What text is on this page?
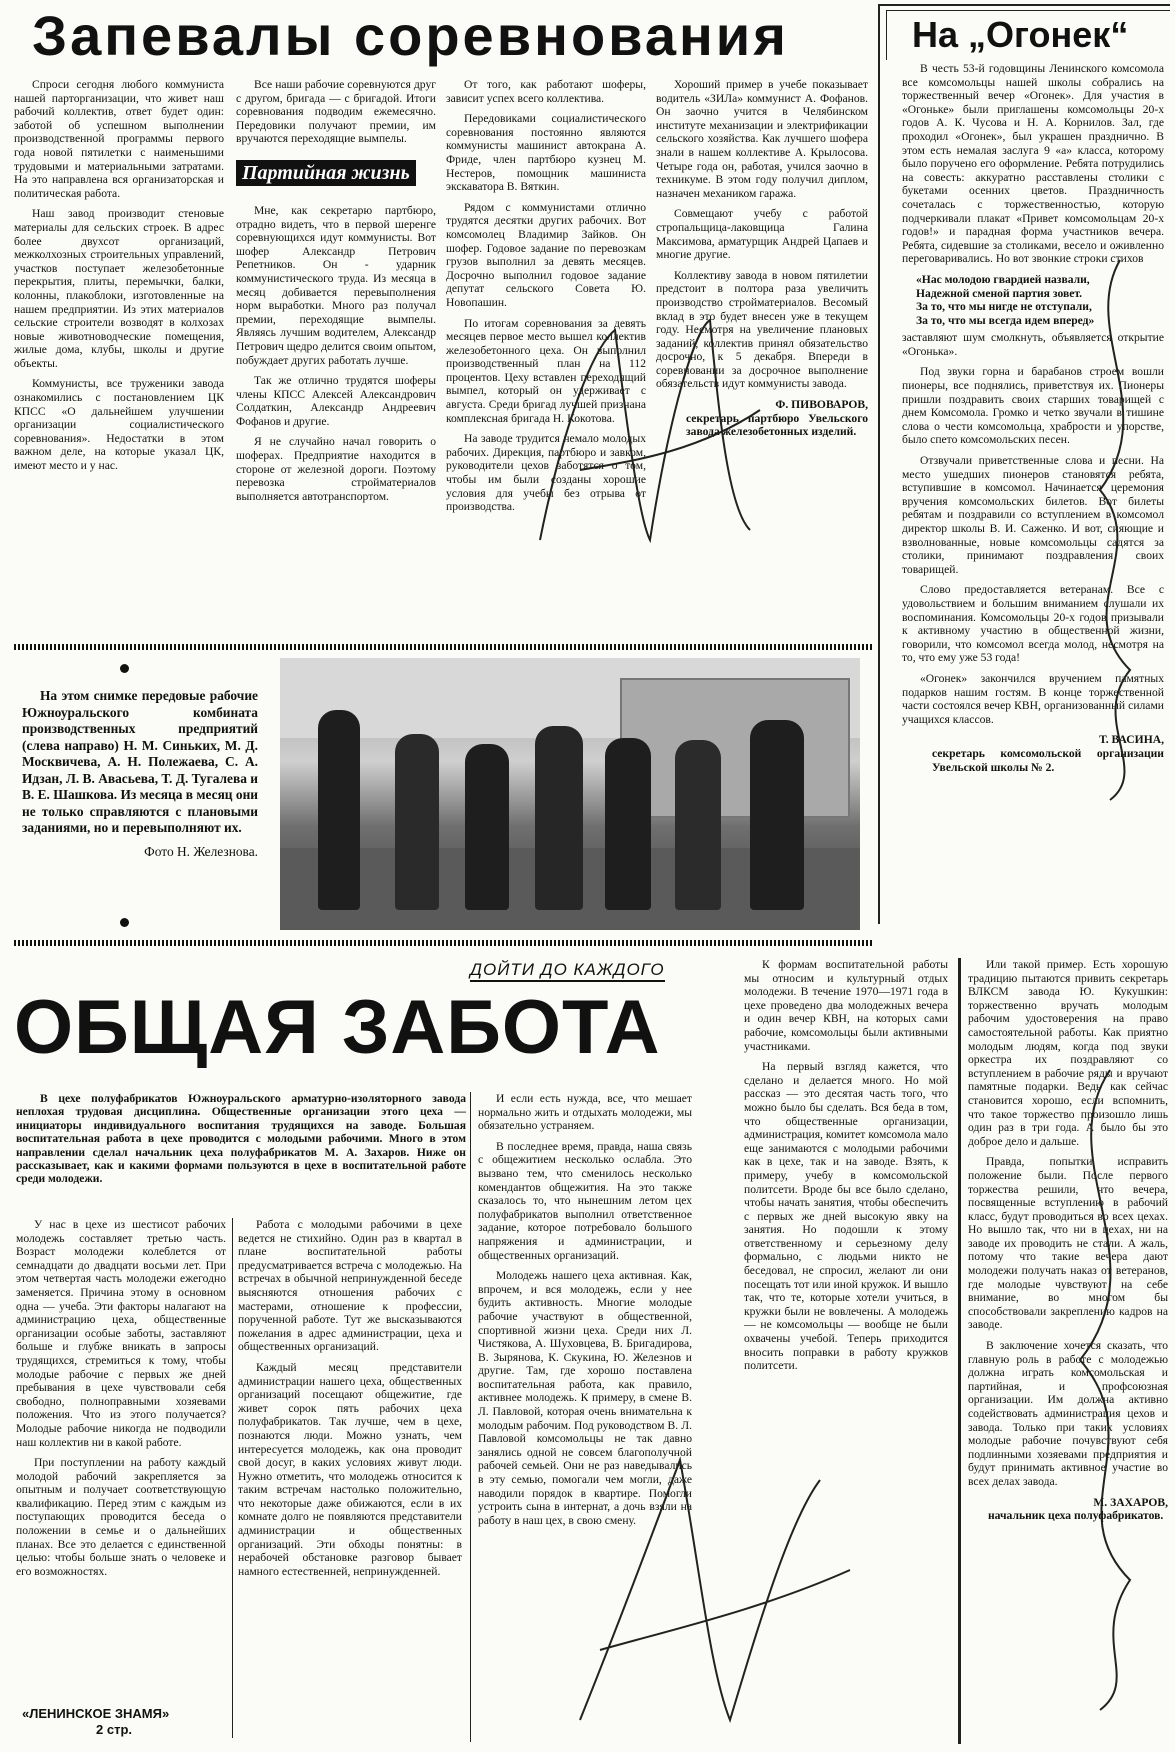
Запевалы соревнования

Спроси сегодня любого коммуниста нашей парторганизации, что живет наш рабочий коллектив, ответ будет один: заботой об успешном выполнении производственной программы первого года новой пятилетки с наименьшими трудовыми и материальными затратами. На это направлена вся организаторская и политическая работа.

Наш завод производит стеновые материалы для сельских строек. В адрес более двухсот организаций, межколхозных строительных управлений, участков поступает железобетонные перекрытия, плиты, перемычки, балки, колонны, плакоблоки, изготовленные на нашем предприятии. Из этих материалов сельские строители возводят в колхозах новые животноводческие помещения, жилые дома, клубы, школы и другие объекты.

Коммунисты, все труженики завода ознакомились с постановлением ЦК КПСС «О дальнейшем улучшении организации социалистического соревнования». Недостатки в этом важном деле, на которые указал ЦК, имеют место и у нас.

Все наши рабочие соревнуются друг с другом, бригада — с бригадой. Итоги соревнования подводим ежемесячно. Передовики получают премии, им вручаются переходящие вымпелы.

Партийная жизнь

Мне, как секретарю партбюро, отрадно видеть, что в первой шеренге соревнующихся идут коммунисты. Вот шофер Александр Петрович Репетников. Он - ударник коммунистического труда. Из месяца в месяц добивается перевыполнения норм выработки. Много раз получал премии, переходящие вымпелы. Являясь лучшим водителем, Александр Петрович щедро делится своим опытом, побуждает других работать лучше.

Так же отлично трудятся шоферы члены КПСС Алексей Александрович Солдаткин, Александр Андреевич Фофанов и другие.

Я не случайно начал говорить о шоферах. Предприятие находится в стороне от железной дороги. Поэтому перевозка стройматериалов выполняется автотранспортом.

От того, как работают шоферы, зависит успех всего коллектива.

Передовиками социалистического соревнования постоянно являются коммунисты машинист автокрана А. Фриде, член партбюро кузнец М. Нестеров, помощник машиниста экскаватора В. Вяткин.

Рядом с коммунистами отлично трудятся десятки других рабочих. Вот комсомолец Владимир Зайков. Он шофер. Годовое задание по перевозкам грузов выполнил за девять месяцев. Досрочно выполнил годовое задание депутат сельского Совета Ю. Новопашин.

По итогам соревнования за девять месяцев первое место вышел коллектив железобетонного цеха. Он выполнил производственный план на 112 процентов. Цеху вставлен переходящий вымпел, который он удерживает с августа. Среди бригад лучшей признана комплексная бригада Н. Кокотова.

На заводе трудится немало молодых рабочих. Дирекция, партбюро и завком, руководители цехов заботятся о том, чтобы им были созданы хорошие условия для учебы без отрыва от производства.

Хороший пример в учебе показывает водитель «ЗИЛа» коммунист А. Фофанов. Он заочно учится в Челябинском институте механизации и электрификации сельского хозяйства. Как лучшего шофера знали в нашем коллективе А. Крылосова. Четыре года он, работая, учился заочно в техникуме. В этом году получил диплом, назначен механиком гаража.

Совмещают учебу с работой стропальщица-лаковщица Галина Максимова, арматурщик Андрей Цапаев и многие другие.

Коллективу завода в новом пятилетии предстоит в полтора раза увеличить производство стройматериалов. Весомый вклад в это будет внесен уже в текущем году. Несмотря на увеличение плановых заданий, коллектив принял обязательство досрочно, к 5 декабря. Впереди в соревновании за досрочное выполнение обязательств идут коммунисты завода.

Ф. ПИВОВАРОВ,
секретарь партбюро Увельского завода железобетонных изделий.
На „Огонек“

В честь 53-й годовщины Ленинского комсомола все комсомольцы нашей школы собрались на торжественный вечер «Огонек». Для участия в «Огоньке» были приглашены комсомольцы 20-х годов А. К. Чусова и Н. А. Корнилов. Зал, где проходил «Огонек», был украшен празднично. В этом есть немалая заслуга 9 «а» класса, которому было поручено его оформление. Ребята потрудились на совесть: аккуратно расставлены столики с букетами осенних цветов. Праздничность сочеталась с торжественностью, которую подчеркивали плакат «Привет комсомольцам 20-х годов!» и парадная форма участников вечера. Ребята, сидевшие за столиками, весело и оживленно переговаривались. Но вот звонкие строки стихов

«Нас молодою гвардией назвали,
Надежной сменой партия зовет.
За то, что мы нигде не отступали,
За то, что мы всегда идем вперед»

заставляют шум смолкнуть, объявляется открытие «Огонька».

Под звуки горна и барабанов строем вошли пионеры, все поднялись, приветствуя их. Пионеры пришли поздравить своих старших товарищей с днем Комсомола. Громко и четко звучали в тишине слова о чести комсомольца, храбрости и упорстве, было спето комсомольских песен.

Отзвучали приветственные слова и песни. На место ушедших пионеров становятся ребята, вступившие в комсомол. Начинается церемония вручения комсомольских билетов. Вот билеты ребятам и поздравили со вступлением в комсомол директор школы В. И. Саженко. И вот, сияющие и взволнованные, новые комсомольцы садятся за столики, принимают поздравления своих товарищей.

Слово предоставляется ветеранам. Все с удовольствием и большим вниманием слушали их воспоминания. Комсомольцы 20-х годов призывали к активному участию в общественной жизни, говорили, что комсомол всегда молод, несмотря на то, что ему уже 53 года!

«Огонек» закончился вручением памятных подарков нашим гостям. В конце торжественной части состоялся вечер КВН, организованный силами учащихся классов.

Т. ВАСИНА,
секретарь комсомольской организации Увельской школы № 2.

На этом снимке передовые рабочие Южноуральского комбината производственных предприятий (слева направо) Н. М. Синьких, М. Д. Москвичева, А. Н. Полежаева, С. А. Идзан, Л. В. Авасьева, Т. Д. Тугалева и В. Е. Шашкова. Из месяца в месяц они не только справляются с плановыми заданиями, но и перевыполняют их.

Фото Н. Железнова.
ДОЙТИ ДО КАЖДОГО
ОБЩАЯ ЗАБОТА
В цехе полуфабрикатов Южноуральского арматурно-изоляторного завода неплохая трудовая дисциплина. Общественные организации этого цеха — инициаторы индивидуального воспитания трудящихся на заводе. Большая воспитательная работа в цехе проводится с молодыми рабочими. Много в этом направлении сделал начальник цеха полуфабрикатов М. А. Захаров. Ниже он рассказывает, как и какими формами пользуются в цехе в воспитательной работе среди молодежи.

У нас в цехе из шестисот рабочих молодежь составляет третью часть. Возраст молодежи колеблется от семнадцати до двадцати восьми лет. При этом четвертая часть молодежи ежегодно заменяется. Причина этому в основном одна — учеба. Эти факторы налагают на администрацию цеха, общественные организации особые заботы, заставляют больше и глубже вникать в запросы трудящихся, стремиться к тому, чтобы молодые рабочие с первых же дней пребывания в цехе чувствовали себя свободно, полноправными хозяевами положения. Что из этого получается? Молодые рабочие никогда не подводили наш коллектив ни в какой работе.

При поступлении на работу каждый молодой рабочий закрепляется за опытным и получает соответствующую квалификацию. Перед этим с каждым из поступающих проводится беседа о положении в семье и о дальнейших планах. Все это делается с единственной целью: чтобы больше знать о человеке и его возможностях.

Работа с молодыми рабочими в цехе ведется не стихийно. Один раз в квартал в плане воспитательной работы предусматривается встреча с молодежью. На встречах в обычной непринужденной беседе выясняются отношения рабочих с мастерами, отношение к профессии, порученной работе. Тут же высказываются пожелания в адрес администрации, цеха и общественных организаций.

Каждый месяц представители администрации нашего цеха, общественных организаций посещают общежитие, где живет сорок пять рабочих цеха полуфабрикатов. Так лучше, чем в цехе, познаются люди. Можно узнать, чем интересуется молодежь, как она проводит свой досуг, в каких условиях живут люди. Нужно отметить, что молодежь относится к таким встречам настолько положительно, что некоторые даже обижаются, если в их комнате долго не появляются представители администрации и общественных организаций. Эти обходы понятны: в нерабочей обстановке разговор бывает намного естественней, непринужденней.

И если есть нужда, все, что мешает нормально жить и отдыхать молодежи, мы обязательно устраняем.

В последнее время, правда, наша связь с общежитием несколько ослабла. Это вызвано тем, что сменилось несколько комендантов общежития. На это также сказалось то, что нынешним летом цех полуфабрикатов выполнил ответственное задание, которое потребовало большого напряжения и администрации, и общественных организаций.

Молодежь нашего цеха активная. Как, впрочем, и вся молодежь, если у нее будить активность. Многие молодые рабочие участвуют в общественной, спортивной жизни цеха. Среди них Л. Чистякова, А. Шуховцева, В. Бригадирова, В. Зырянова, К. Скукина, Ю. Железнов и другие. Там, где хорошо поставлена воспитательная работа, как правило, активнее молодежь. К примеру, в смене В. Л. Павловой, которая очень внимательна к молодым рабочим. Под руководством В. Л. Павловой комсомольцы не так давно занялись одной не совсем благополучной рабочей семьей. Они не раз наведывались в эту семью, помогали чем могли, даже наводили порядок в квартире. Помогли устроить сына в интернат, а дочь взяли на работу в наш цех, в свою смену.

К формам воспитательной работы мы относим и культурный отдых молодежи. В течение 1970—1971 года в цехе проведено два молодежных вечера и один вечер КВН, на которых сами рабочие, комсомольцы были активными участниками.

На первый взгляд кажется, что сделано и делается много. Но мой рассказ — это десятая часть того, что можно было бы сделать. Вся беда в том, что общественные организации, администрация, комитет комсомола мало еще занимаются с молодыми рабочими как в цехе, так и на заводе. Взять, к примеру, учебу в комсомольской политсети. Вроде бы все было сделано, чтобы начать занятия, чтобы обеспечить с первых же дней высокую явку на занятия. Но подошли к этому ответственному и серьезному делу формально, с людьми никто не беседовал, не спросил, желают ли они посещать тот или иной кружок. И вышло так, что те, которые хотели учиться, в кружки были не вовлечены. А молодежь — не комсомольцы — вообще не были охвачены учебой. Теперь приходится вносить поправки в работу кружков политсети.

Или такой пример. Есть хорошую традицию пытаются привить секретарь ВЛКСМ завода Ю. Кукушкин: торжественно вручать молодым рабочим удостоверения на право самостоятельной работы. Как приятно молодым людям, когда под звуки оркестра их поздравляют со вступлением в рабочие ряды и вручают памятные подарки. Ведь как сейчас становится хорошо, если вспомнить, что такое торжество произошло лишь один раз в три года. А было бы это доброе дело и дальше.

Правда, попытки исправить положение были. После первого торжества решили, что вечера, посвященные вступлению в рабочий класс, будут проводиться во всех цехах. Но вышло так, что ни в цехах, ни на заводе их проводить не стали. А жаль, потому что такие вечера дают молодежи получать наказ от ветеранов, где молодые чувствуют на себе внимание, во многом бы способствовали закреплению кадров на заводе.

В заключение хочется сказать, что главную роль в работе с молодежью должна играть комсомольская и партийная, и профсоюзная организации. Им должна активно содействовать администрация цехов и завода. Только при таких условиях молодые рабочие почувствуют себя подлинными хозяевами предприятия и будут принимать активное участие во всех делах завода.

М. ЗАХАРОВ,
начальник цеха полуфабрикатов.
«ЛЕНИНСКОЕ ЗНАМЯ»
2 стр.
